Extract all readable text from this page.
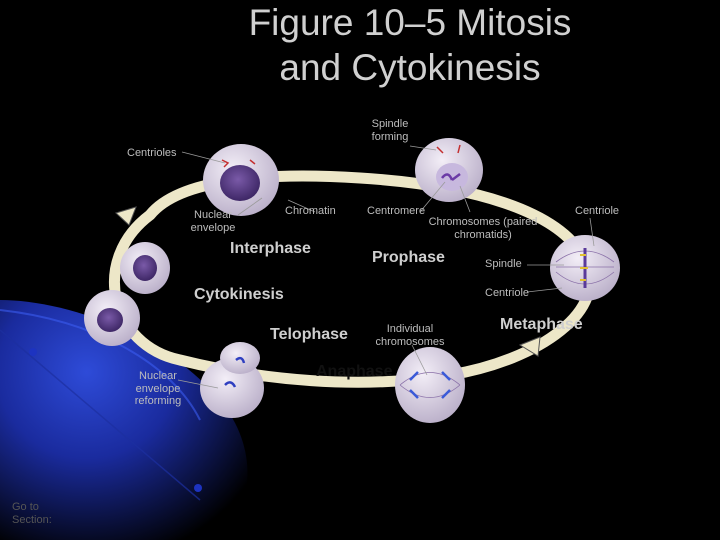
Figure 10–5 Mitosis
and Cytokinesis
Spindle
forming
Centrioles
Nuclear
envelope
Chromatin	Centromere
Chromosomes (paired
chromatids)
Centriole
Spindle
Centriole
Individual
chromosomes
Nuclear
envelope
reforming
Interphase
Prophase
Cytokinesis
Telophase
Metaphase
Anaphase
Go to
Section:
